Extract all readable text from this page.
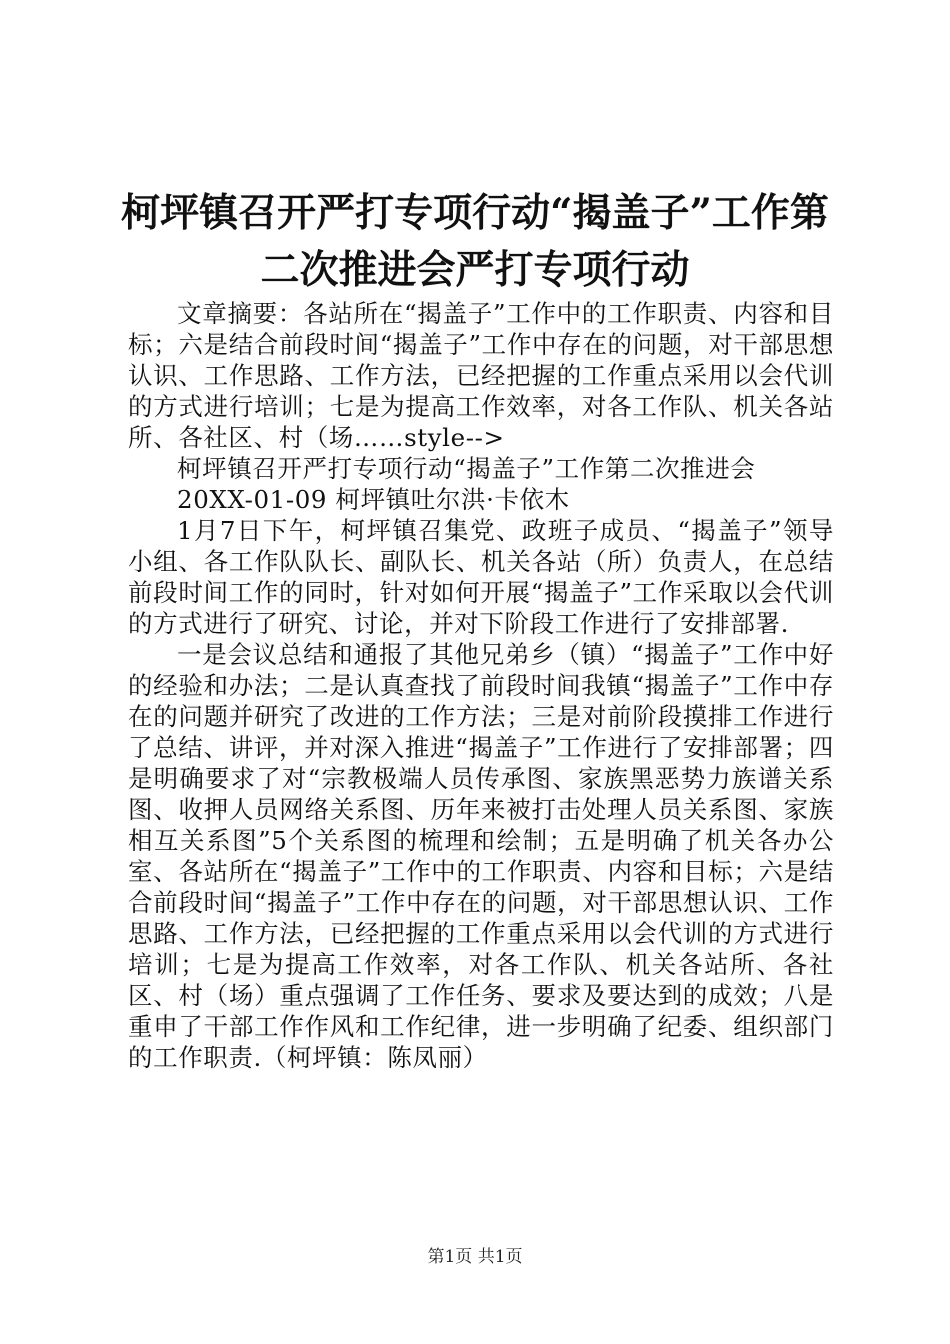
柯坪镇召开严打专项行动“揭盖子”工作第二次推进会严打专项行动

文章摘要：各站所在“揭盖子”工作中的工作职责、内容和目标；六是结合前段时间“揭盖子”工作中存在的问题，对干部思想认识、工作思路、工作方法，已经把握的工作重点采用以会代训的方式进行培训；七是为提高工作效率，对各工作队、机关各站所、各社区、村（场……style-->

柯坪镇召开严打专项行动“揭盖子”工作第二次推进会

20XX-01-09 柯坪镇吐尔洪·卡依木

1月7日下午，柯坪镇召集党、政班子成员、“揭盖子”领导小组、各工作队队长、副队长、机关各站（所）负责人，在总结前段时间工作的同时，针对如何开展“揭盖子”工作采取以会代训的方式进行了研究、讨论，并对下阶段工作进行了安排部署.

一是会议总结和通报了其他兄弟乡（镇）“揭盖子”工作中好的经验和办法；二是认真查找了前段时间我镇“揭盖子”工作中存在的问题并研究了改进的工作方法；三是对前阶段摸排工作进行了总结、讲评，并对深入推进“揭盖子”工作进行了安排部署；四是明确要求了对“宗教极端人员传承图、家族黑恶势力族谱关系图、收押人员网络关系图、历年来被打击处理人员关系图、家族相互关系图”5个关系图的梳理和绘制；五是明确了机关各办公室、各站所在“揭盖子”工作中的工作职责、内容和目标；六是结合前段时间“揭盖子”工作中存在的问题，对干部思想认识、工作思路、工作方法，已经把握的工作重点采用以会代训的方式进行培训；七是为提高工作效率，对各工作队、机关各站所、各社区、村（场）重点强调了工作任务、要求及要达到的成效；八是重申了干部工作作风和工作纪律，进一步明确了纪委、组织部门的工作职责.（柯坪镇：陈凤丽）

第1页 共1页
